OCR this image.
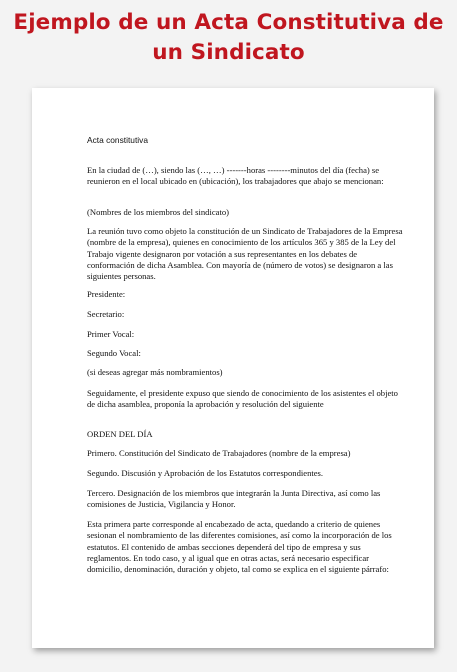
Ejemplo de un Acta Constitutiva de un Sindicato
Acta constitutiva

En la ciudad de (…), siendo las (…, …) -------horas --------minutos del día (fecha) se reunieron en el local ubicado en (ubicación), los trabajadores que abajo se mencionan:

(Nombres de los miembros del sindicato)

La reunión tuvo como objeto la constitución de un Sindicato de Trabajadores de la Empresa (nombre de la empresa), quienes en conocimiento de los artículos 365 y 385 de la Ley del Trabajo vigente designaron por votación a sus representantes en los debates de conformación de dicha Asamblea. Con mayoría de (número de votos) se designaron a las siguientes personas.

Presidente:

Secretario:

Primer Vocal:

Segundo Vocal:

(si deseas agregar más nombramientos)

Seguidamente, el presidente expuso que siendo de conocimiento de los asistentes el objeto de dicha asamblea, proponía la aprobación y resolución del siguiente

ORDEN DEL DÍA

Primero. Constitución del Sindicato de Trabajadores (nombre de la empresa)

Segundo. Discusión y Aprobación de los Estatutos correspondientes.

Tercero. Designación de los miembros que integrarán la Junta Directiva, así como las comisiones de Justicia, Vigilancia y Honor.

Esta primera parte corresponde al encabezado de acta, quedando a criterio de quienes sesionan el nombramiento de las diferentes comisiones, así como la incorporación de los estatutos. El contenido de ambas secciones dependerá del tipo de empresa y sus reglamentos. En todo caso, y al igual que en otras actas, será necesario especificar domicilio, denominación, duración y objeto, tal como se explica en el siguiente párrafo:
